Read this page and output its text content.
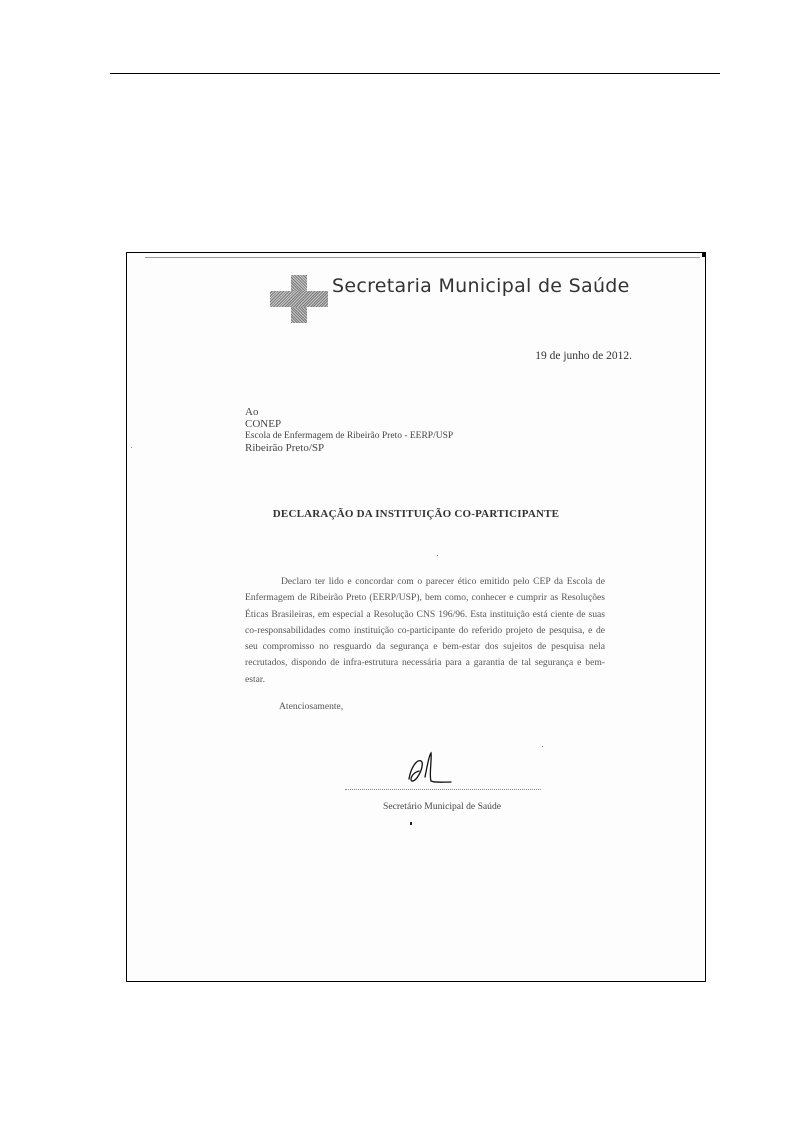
Secretaria Municipal de Saúde
19 de junho de 2012.
Ao
CONEP
Escola de Enfermagem de Ribeirão Preto - EERP/USP
Ribeirão Preto/SP
DECLARAÇÃO DA INSTITUIÇÃO CO-PARTICIPANTE

Declaro ter lido e concordar com o parecer ético emitido pelo CEP da Escola de Enfermagem de Ribeirão Preto (EERP/USP), bem como, conhecer e cumprir as Resoluções Éticas Brasileiras, em especial a Resolução CNS 196/96. Esta instituição está ciente de suas co-responsabilidades como instituição co-participante do referido projeto de pesquisa, e de seu compromisso no resguardo da segurança e bem-estar dos sujeitos de pesquisa nela recrutados, dispondo de infra-estrutura necessária para a garantia de tal segurança e bem-estar.

Atenciosamente,
Secretário Municipal de Saúde
